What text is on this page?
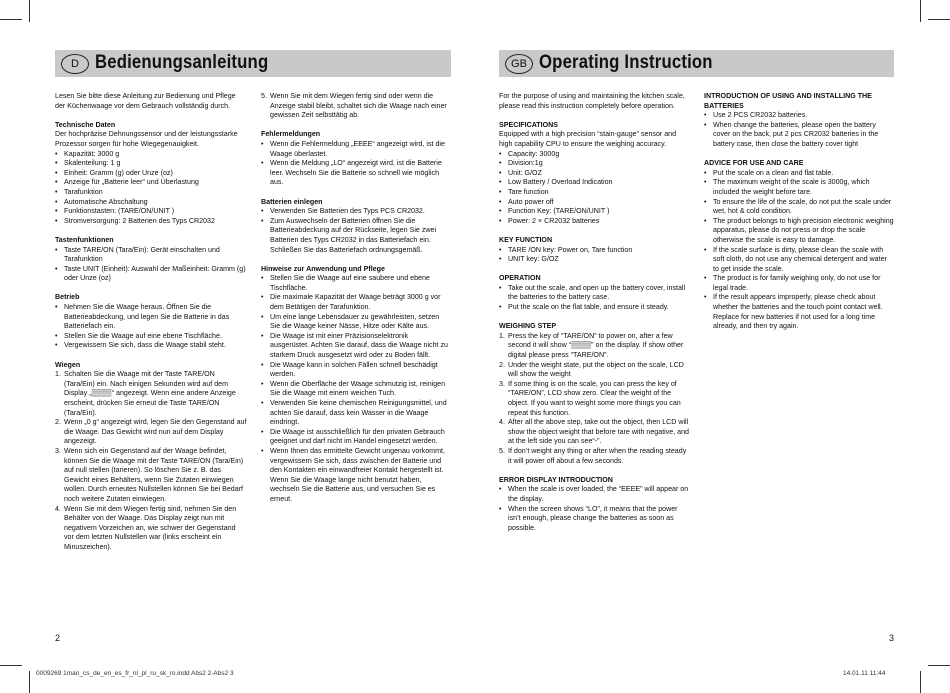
D Bedienungsanleitung	GB Operating Instruction

Lesen Sie bitte diese Anleitung zur Bedienung und Pflege der Küchenwaage vor dem Gebrauch vollständig durch.

Technische Daten
Der hochpräzise Dehnungssensor und der leistungsstarke Prozessor sorgen für hohe Wiegegenauigkeit.
• Kapazität: 3000 g
• Skalenteilung: 1 g
• Einheit: Gramm (g) oder Unze (oz)
• Anzeige für „Batterie leer“ und Überlastung
• Tarafunktion
• Automatische Abschaltung
• Funktionstasten: (TARE/ON/UNIT )
• Stromversorgung: 2 Batterien des Typs CR2032
Tastenfunktionen
• Taste TARE/ON (Tara/Ein): Gerät einschalten und Tarafunktion
• Taste UNIT (Einheit): Auswahl der Maßeinheit: Gramm (g) oder Unze (oz)
Betrieb
• Nehmen Sie die Waage heraus. Öffnen Sie die Batterieabdeckung, und legen Sie die Batterie in das Batteriefach ein.
• Stellen Sie die Waage auf eine ebene Tischfläche.
• Vergewissern Sie sich, dass die Waage stabil steht.
Wiegen
1. Schalten Sie die Waage mit der Taste TARE/ON (Tara/Ein) ein. Nach einigen Sekunden wird auf dem Display „▒▒▒▒“ angezeigt. Wenn eine andere Anzeige erscheint, drücken Sie erneut die Taste TARE/ON (Tara/Ein).
2. Wenn „0 g“ angezeigt wird, legen Sie den Gegenstand auf die Waage. Das Gewicht wird nun auf dem Display angezeigt.
3. Wenn sich ein Gegenstand auf der Waage befindet, können Sie die Waage mit der Taste TARE/ON (Tara/Ein) auf null stellen (tarieren). So löschen Sie z. B. das Gewicht eines Behälters, wenn Sie Zutaten einwiegen wollen. Durch erneutes Nullstellen können Sie bei Bedarf noch weitere Zutaten einwiegen.
4. Wenn Sie mit dem Wiegen fertig sind, nehmen Sie den Behälter von der Waage. Das Display zeigt nun mit negativem Vorzeichen an, wie schwer der Gegenstand vor dem letzten Nullstellen war (links erscheint ein Minuszeichen).
5. Wenn Sie mit dem Wiegen fertig sind oder wenn die Anzeige stabil bleibt, schaltet sich die Waage nach einer gewissen Zeit selbsttätig ab.
Fehlermeldungen
• Wenn die Fehlermeldung „EEEE“ angezeigt wird, ist die Waage überlastet.
• Wenn die Meldung „LO“ angezeigt wird, ist die Batterie leer. Wechseln Sie die Batterie so schnell wie möglich aus.
Batterien einlegen
• Verwenden Sie Batterien des Typs PCS CR2032.
• Zum Auswechseln der Batterien öffnen Sie die Batterieabdeckung auf der Rückseite, legen Sie zwei Batterien des Typs CR2032 in das Batteriefach ein. Schließen Sie das Batteriefach ordnungsgemäß.
Hinweise zur Anwendung und Pflege
• Stellen Sie die Waage auf eine saubere und ebene Tischfläche.
• Die maximale Kapazität der Waage beträgt 3000 g vor dem Betätigen der Tarafunktion.
• Um eine lange Lebensdauer zu gewährleisten, setzen Sie die Waage keiner Nässe, Hitze oder Kälte aus.
• Die Waage ist mit einer Präzisionselektronik ausgerüstet. Achten Sie darauf, dass die Waage nicht zu starkem Druck ausgesetzt wird oder zu Boden fällt.
• Die Waage kann in solchen Fällen schnell beschädigt werden.
• Wenn die Oberfläche der Waage schmutzig ist, reinigen Sie die Waage mit einem weichen Tuch.
• Verwenden Sie keine chemischen Reinigungsmittel, und achten Sie darauf, dass kein Wasser in die Waage eindringt.
• Die Waage ist ausschließlich für den privaten Gebrauch geeignet und darf nicht im Handel eingesetzt werden.
• Wenn Ihnen das ermittelte Gewicht ungenau vorkommt, vergewissern Sie sich, dass zwischen der Batterie und den Kontakten ein einwandfreier Kontakt hergestellt ist. Wenn Sie die Waage lange nicht benutzt haben, wechseln Sie die Batterie aus, und versuchen Sie es erneut.

For the purpose of using and maintaining the kitchen scale, please read this instruction completely before operation.

SPECIFICATIONS
Equipped with a high precision “stain-gauge” sensor and high capability CPU to ensure the weighing accuracy.
• Capacity: 3000g
• Division:1g
• Unit: G/OZ
• Low Battery / Overload Indication
• Tare function
• Auto power off
• Function Key: (TARE/ON/UNIT )
• Power: 2 × CR2032 batteries
KEY FUNCTION
• TARE /ON key: Power on, Tare function
• UNIT key: G/OZ
OPERATION
• Take out the scale, and open up the battery cover, install the batteries to the battery case.
• Put the scale on the flat table, and ensure it steady.
WEIGHING STEP
1. Press the key of “TARE/ON” to power on, after a few second it will show “▒▒▒▒” on the display. If show other digital please press “TARE/ON”.
2. Under the weight state, put the object on the scale, LCD will show the weight
3. If some thing is on the scale, you can press the key of “TARE/ON”, LCD show zero. Clear the weight of the object. If you want to weight some more things you can repeat this function.
4. After all the above step, take out the object, then LCD will show the object weight that before tare with negative, and at the left side you can see“-”.
5. If don’t weight any thing or after when the reading steady it will power off about a few seconds.
ERROR DISPLAY INTRODUCTION
• When the scale is over loaded, the “EEEE” will appear on the display.
• When the screen shows “LO”, it means that the power isn’t enough, please change the batteries as soon as possible.
INTRODUCTION OF USING AND INSTALLING THE BATTERIES
• Use 2 PCS CR2032 batteries.
• When change the batteries, please open the battery cover on the back, put 2 pcs CR2032 batteries in the battery case, then close the battery cover tight
ADVICE FOR USE AND CARE
• Put the scale on a clean and flat table.
• The maximum weight of the scale is 3000g, which included the weight before tare.
• To ensure the life of the scale, do not put the scale under wet, hot & cold condition.
• The product belongs to high precision electronic weighing apparatus, please do not press or drop the scale otherwise the scale is easy to damage.
• If the scale surface is dirty, please clean the scale with soft cloth, do not use any chemical detergent and water to get inside the scale.
• The product is for family weighing only, do not use for legal trade.
• If the result appears improperly, please check about whether the batteries and the touch point contact well. Replace for new batteries if not used for a long time already, and then try again.
2	3
0009269 1man_cs_de_en_es_fr_nl_pl_ru_sk_ro.indd Abs2 2-Abs2 3	14.01.11 11:44
